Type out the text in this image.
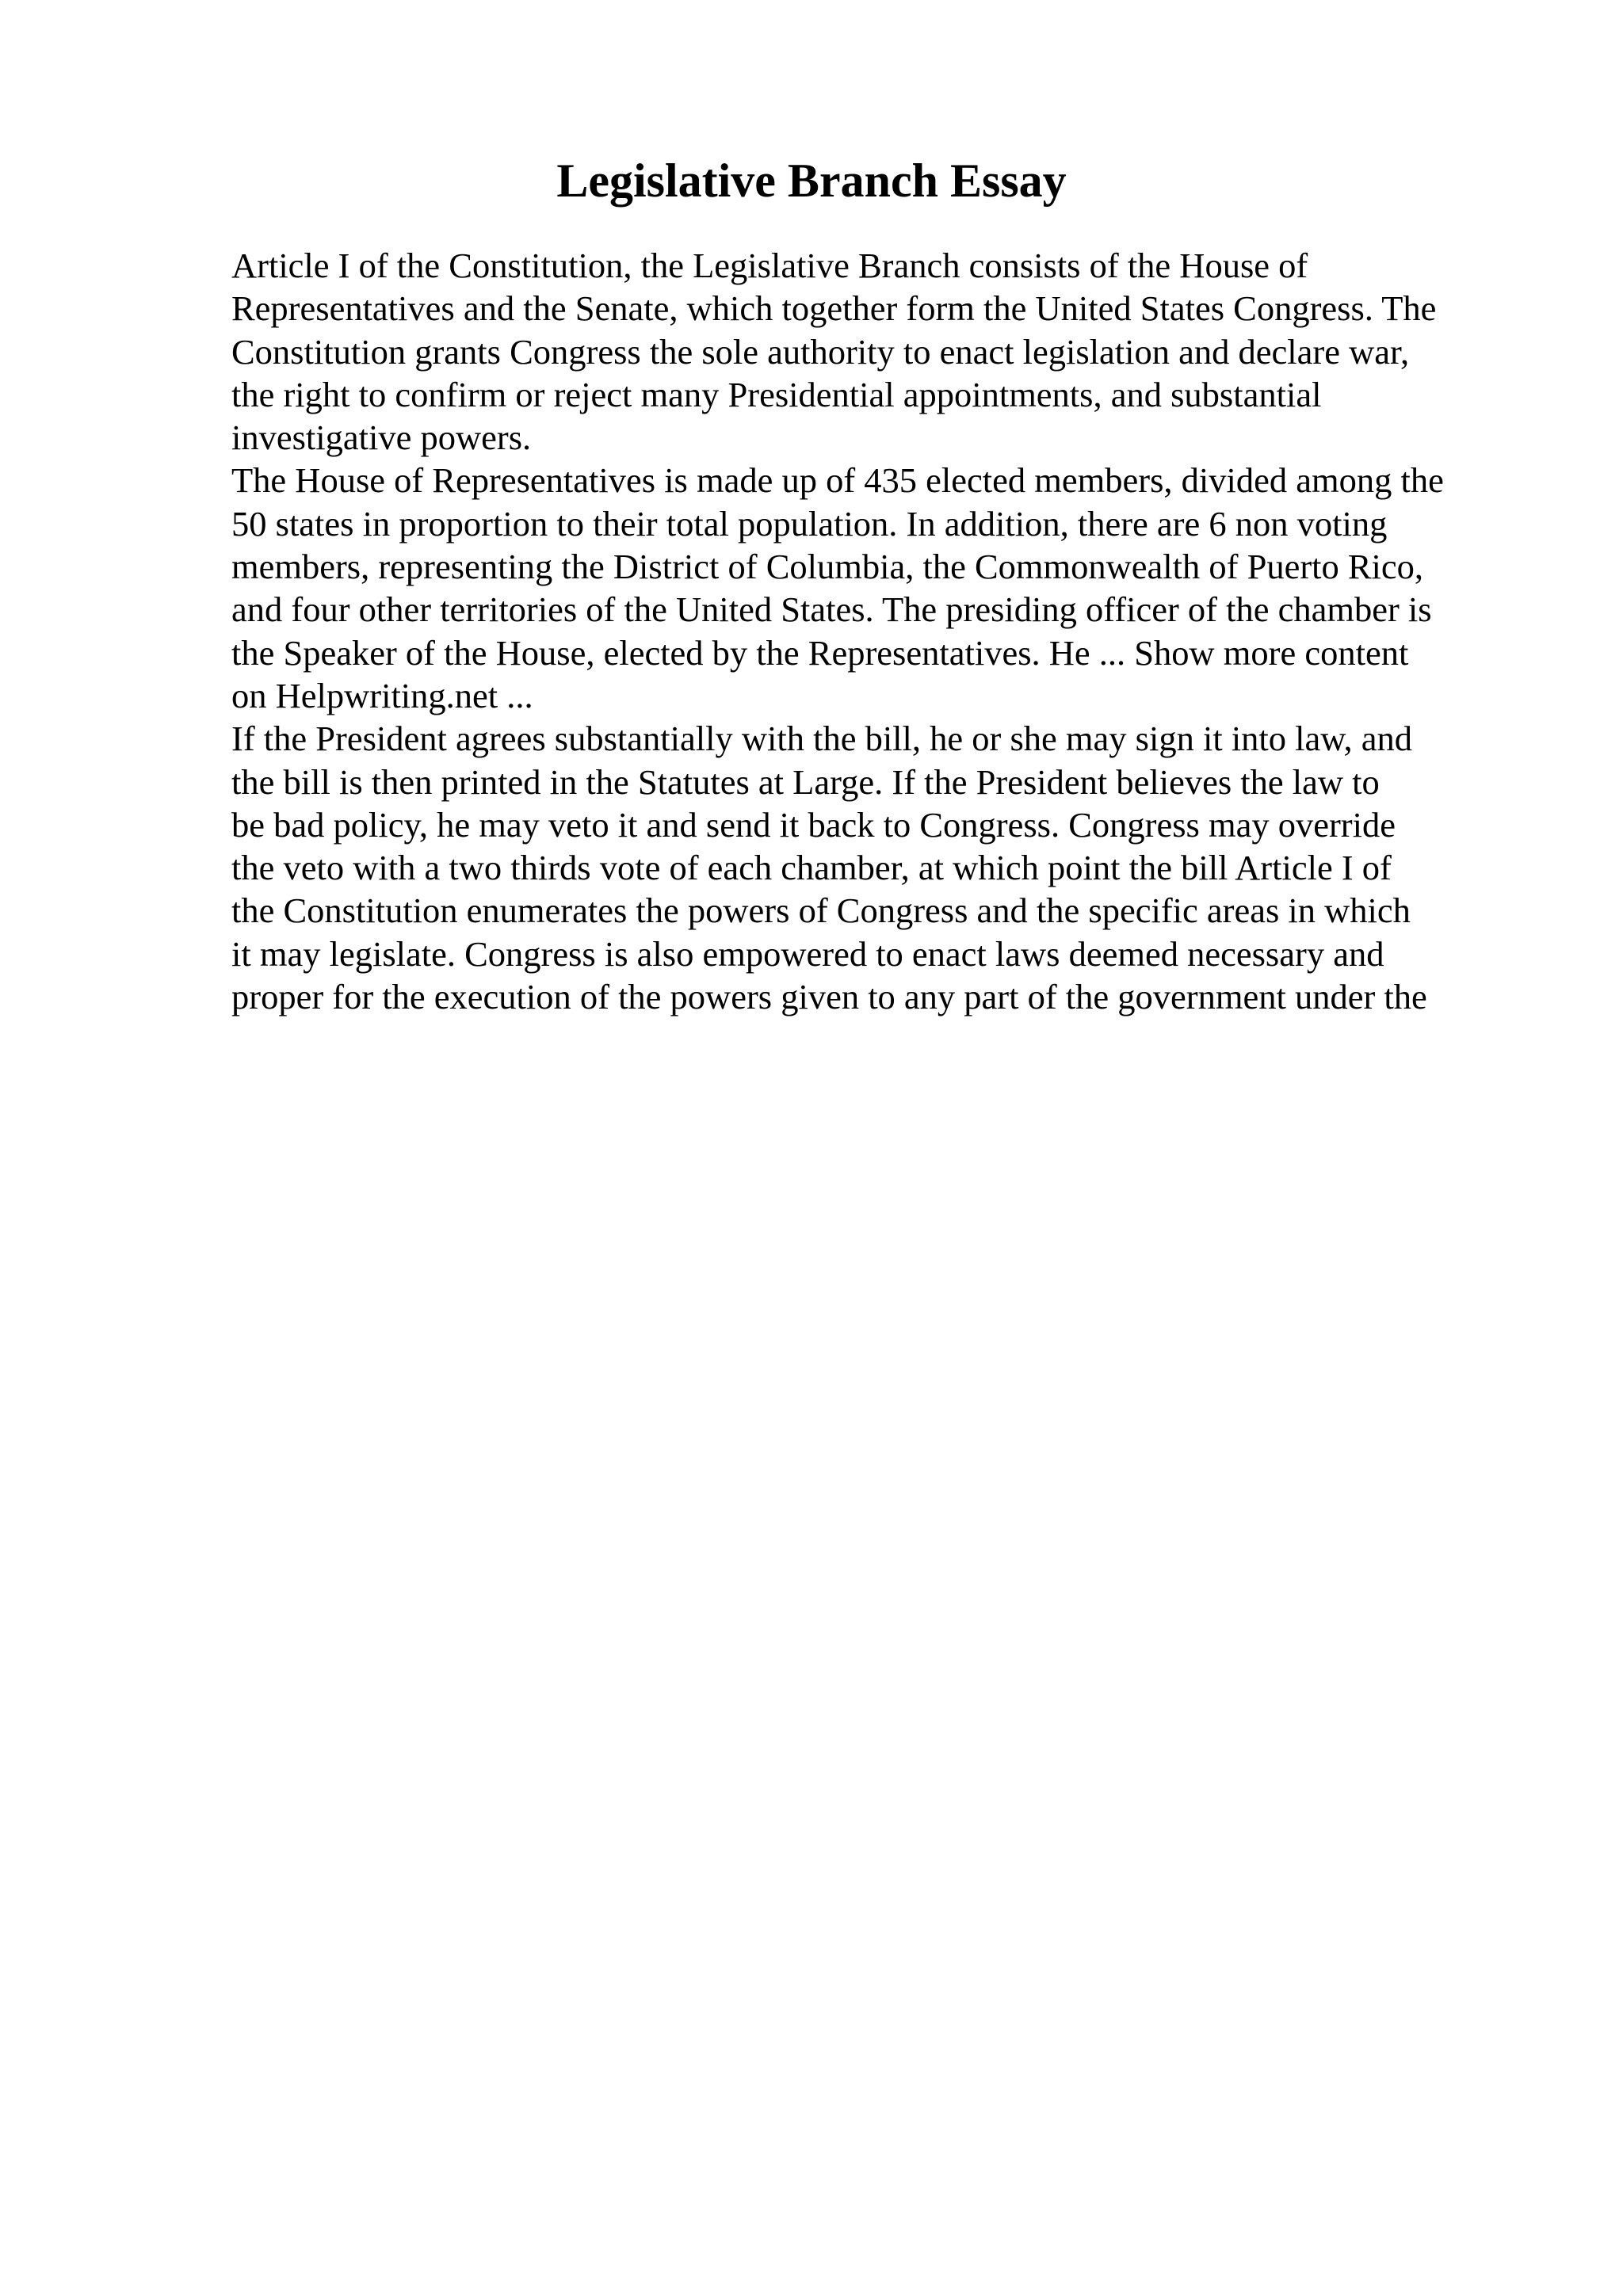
Legislative Branch Essay
Article I of the Constitution, the Legislative Branch consists of the House of
Representatives and the Senate, which together form the United States Congress. The
Constitution grants Congress the sole authority to enact legislation and declare war,
the right to confirm or reject many Presidential appointments, and substantial
investigative powers.
The House of Representatives is made up of 435 elected members, divided among the
50 states in proportion to their total population. In addition, there are 6 non voting
members, representing the District of Columbia, the Commonwealth of Puerto Rico,
and four other territories of the United States. The presiding officer of the chamber is
the Speaker of the House, elected by the Representatives. He ... Show more content
on Helpwriting.net ...
If the President agrees substantially with the bill, he or she may sign it into law, and
the bill is then printed in the Statutes at Large. If the President believes the law to
be bad policy, he may veto it and send it back to Congress. Congress may override
the veto with a two thirds vote of each chamber, at which point the bill Article I of
the Constitution enumerates the powers of Congress and the specific areas in which
it may legislate. Congress is also empowered to enact laws deemed necessary and
proper for the execution of the powers given to any part of the government under the
